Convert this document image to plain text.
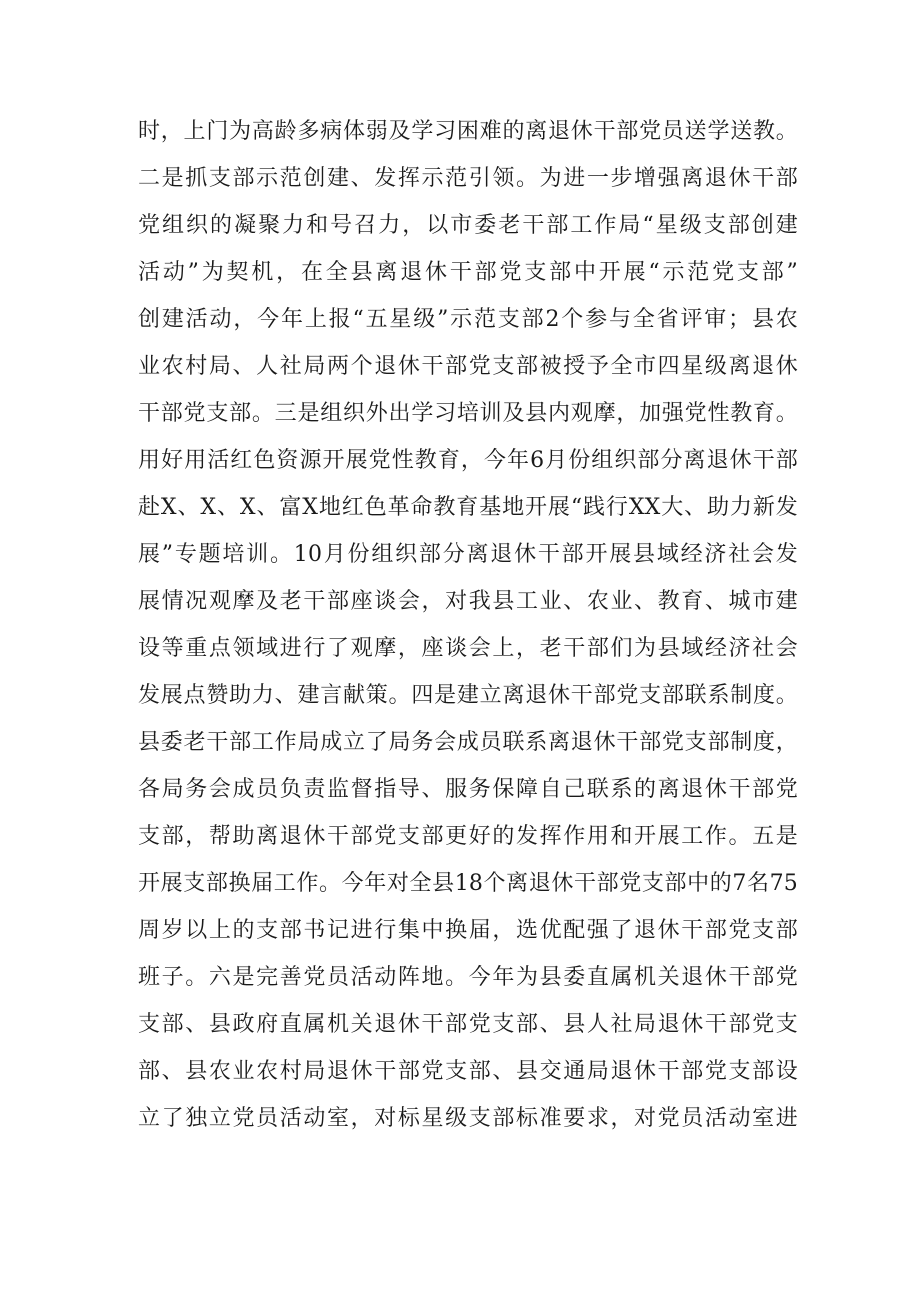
时，上门为高龄多病体弱及学习困难的离退休干部党员送学送教。
二是抓支部示范创建、发挥示范引领。为进一步增强离退休干部
党组织的凝聚力和号召力，以市委老干部工作局“星级支部创建
活动”为契机，在全县离退休干部党支部中开展“示范党支部”
创建活动，今年上报“五星级”示范支部2个参与全省评审；县农
业农村局、人社局两个退休干部党支部被授予全市四星级离退休
干部党支部。三是组织外出学习培训及县内观摩，加强党性教育。
用好用活红色资源开展党性教育，今年6月份组织部分离退休干部
赴X、X、X、富X地红色革命教育基地开展“践行XX大、助力新发
展”专题培训。10月份组织部分离退休干部开展县域经济社会发
展情况观摩及老干部座谈会，对我县工业、农业、教育、城市建
设等重点领域进行了观摩，座谈会上，老干部们为县域经济社会
发展点赞助力、建言献策。四是建立离退休干部党支部联系制度。
县委老干部工作局成立了局务会成员联系离退休干部党支部制度，
各局务会成员负责监督指导、服务保障自己联系的离退休干部党
支部，帮助离退休干部党支部更好的发挥作用和开展工作。五是
开展支部换届工作。今年对全县18个离退休干部党支部中的7名75
周岁以上的支部书记进行集中换届，选优配强了退休干部党支部
班子。六是完善党员活动阵地。今年为县委直属机关退休干部党
支部、县政府直属机关退休干部党支部、县人社局退休干部党支
部、县农业农村局退休干部党支部、县交通局退休干部党支部设
立了独立党员活动室，对标星级支部标准要求，对党员活动室进
